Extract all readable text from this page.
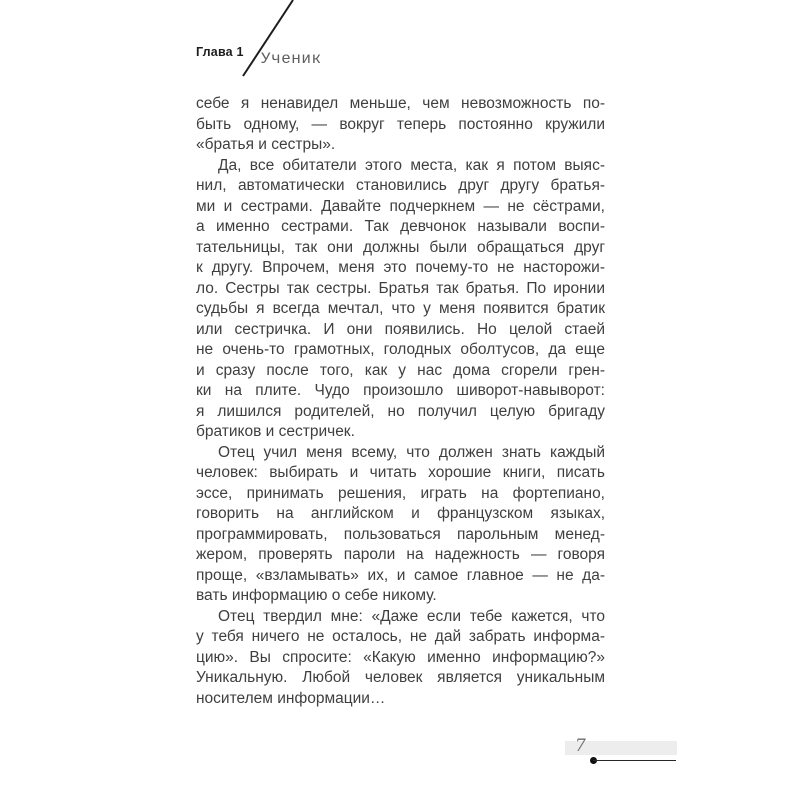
Глава 1 Ученик
себе я ненавидел меньше, чем невозможность по-
быть одному, — вокруг теперь постоянно кружили
«братья и сестры».
Да, все обитатели этого места, как я потом выяс-
нил, автоматически становились друг другу братья-
ми и сестрами. Давайте подчеркнем — не сёстрами,
а именно сестрами. Так девчонок называли воспи-
тательницы, так они должны были обращаться друг
к другу. Впрочем, меня это почему-то не насторожи-
ло. Сестры так сестры. Братья так братья. По иронии
судьбы я всегда мечтал, что у меня появится братик
или сестричка. И они появились. Но целой стаей
не очень-то грамотных, голодных оболтусов, да еще
и сразу после того, как у нас дома сгорели грен-
ки на плите. Чудо произошло шиворот-навыворот:
я лишился родителей, но получил целую бригаду
братиков и сестричек.
Отец учил меня всему, что должен знать каждый
человек: выбирать и читать хорошие книги, писать
эссе, принимать решения, играть на фортепиано,
говорить на английском и французском языках,
программировать, пользоваться парольным менед-
жером, проверять пароли на надежность — говоря
проще, «взламывать» их, и самое главное — не да-
вать информацию о себе никому.
Отец твердил мне: «Даже если тебе кажется, что
у тебя ничего не осталось, не дай забрать информа-
цию». Вы спросите: «Какую именно информацию?»
Уникальную. Любой человек является уникальным
носителем информации…
7
